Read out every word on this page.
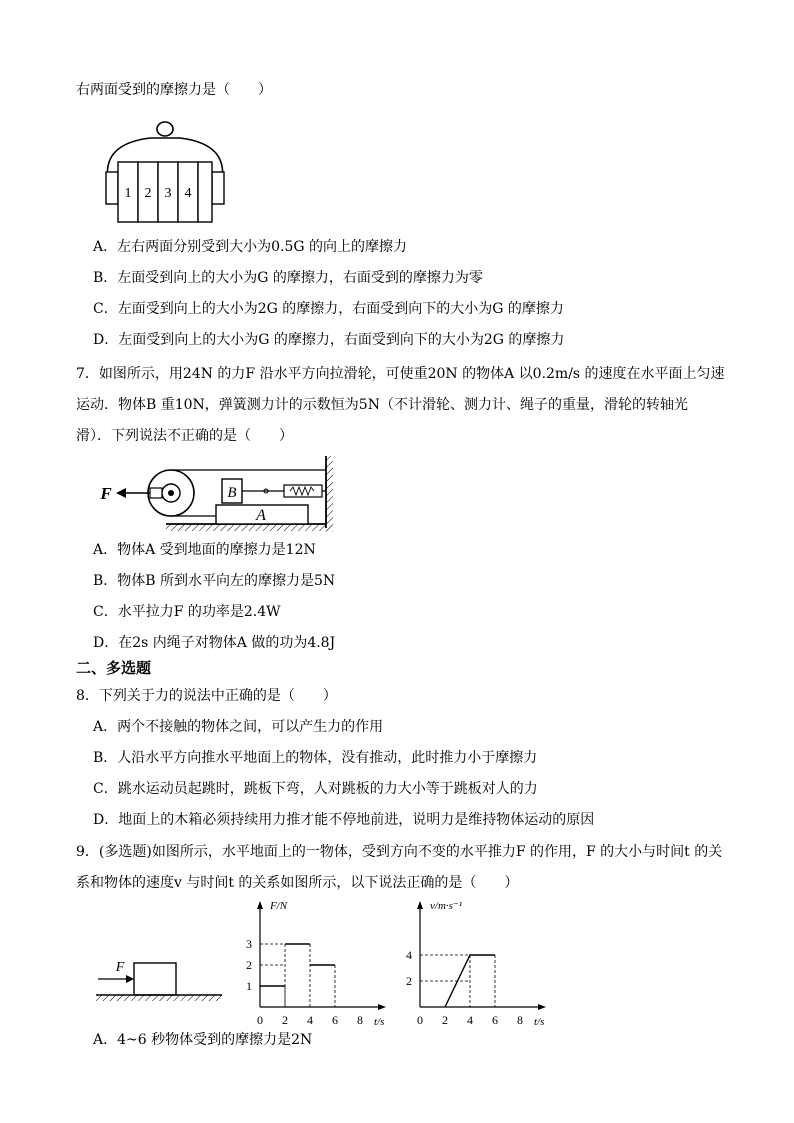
右两面受到的摩擦力是（　　）
1 2 3 4
A．左右两面分别受到大小为0.5G 的向上的摩擦力
B．左面受到向上的大小为G 的摩擦力，右面受到的摩擦力为零
C．左面受到向上的大小为2G 的摩擦力，右面受到向下的大小为G 的摩擦力
D．左面受到向上的大小为G 的摩擦力，右面受到向下的大小为2G 的摩擦力
7．如图所示，用24N 的力F 沿水平方向拉滑轮，可使重20N 的物体A 以0.2m/s 的速度在水平面上匀速
运动．物体B 重10N，弹簧测力计的示数恒为5N（不计滑轮、测力计、绳子的重量，滑轮的转轴光
滑）．下列说法不正确的是（　　）
A
B
F
A．物体A 受到地面的摩擦力是12N
B．物体B 所到水平向左的摩擦力是5N
C．水平拉力F 的功率是2.4W
D．在2s 内绳子对物体A 做的功为4.8J
二、多选题
8．下列关于力的说法中正确的是（　　）
A．两个不接触的物体之间，可以产生力的作用
B．人沿水平方向推水平地面上的物体，没有推动，此时推力小于摩擦力
C．跳水运动员起跳时，跳板下弯，人对跳板的力大小等于跳板对人的力
D．地面上的木箱必须持续用力推才能不停地前进，说明力是维持物体运动的原因
9．(多选题)如图所示，水平地面上的一物体，受到方向不变的水平推力F 的作用，F 的大小与时间t 的关
系和物体的速度v 与时间t 的关系如图所示，以下说法正确的是（　　）
F
F/N
t/s
0 2 4 6 8
1
2
3
v/m·s⁻¹
t/s
0 2 4 6 8
2
4
A．4~6 秒物体受到的摩擦力是2N
